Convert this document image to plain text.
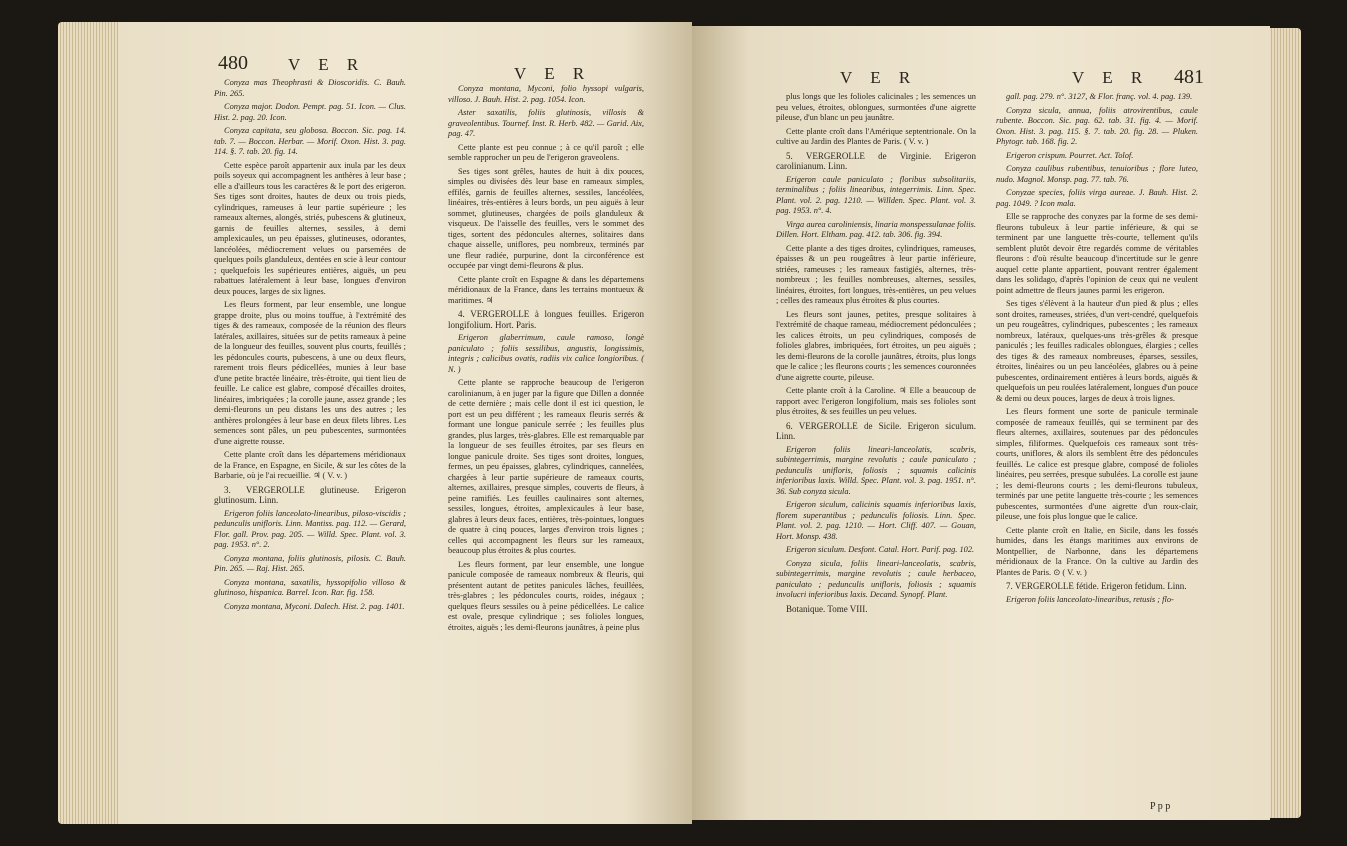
480 V E R	V E R

Conyza mas Theophrasti & Dioscoridis. C. Bauh. Pin. 265.

Conyza major. Dodon. Pempt. pag. 51. Icon. — Clus. Hist. 2. pag. 20. Icon.

Conyza capitata, seu globosa. Boccon. Sic. pag. 14. tab. 7. — Boccon. Herbar. — Morif. Oxon. Hist. 3. pag. 114. §. 7. tab. 20. fig. 14.

Cette espèce paroît appartenir aux inula par les deux poils soyeux qui accompagnent les anthères à leur base ; elle a d'ailleurs tous les caractères & le port des erigeron. Ses tiges sont droites, hautes de deux ou trois pieds, cylindriques, rameuses à leur partie supérieure ; les rameaux alternes, alongés, striés, pubescens & glutineux, garnis de feuilles alternes, sessiles, à demi amplexicaules, un peu épaisses, glutineuses, odorantes, lancéolées, médiocrement velues ou parsemées de quelques poils glanduleux, dentées en scie à leur contour ; quelquefois les supérieures entières, aiguës, un peu rabattues latéralement à leur base, longues d'environ deux pouces, larges de six lignes.

Les fleurs forment, par leur ensemble, une longue grappe droite, plus ou moins touffue, à l'extrémité des tiges & des rameaux, composée de la réunion des fleurs latérales, axillaires, situées sur de petits rameaux à peine de la longueur des feuilles, souvent plus courts, feuillés ; les pédoncules courts, pubescens, à une ou deux fleurs, rarement trois fleurs pédicellées, munies à leur base d'une petite bractée linéaire, très-étroite, qui tient lieu de feuille. Le calice est glabre, composé d'écailles droites, linéaires, imbriquées ; la corolle jaune, assez grande ; les demi-fleurons un peu distans les uns des autres ; les anthères prolongées à leur base en deux filets libres. Les semences sont pâles, un peu pubescentes, surmontées d'une aigrette roussе.

Cette plante croît dans les départemens méridionaux de la France, en Espagne, en Sicile, & sur les côtes de la Barbarie, où je l'ai recueillie. ♃ ( V. v. )

3. VERGEROLLE glutineuse. Erigeron glutinosum. Linn.

Erigeron foliis lanceolato-linearibus, piloso-viscidis ; pedunculis unifloris. Linn. Mantiss. pag. 112. — Gerard, Flor. gall. Prov. pag. 205. — Willd. Spec. Plant. vol. 3. pag. 1953. n°. 2.

Conyza montana, foliis glutinosis, pilosis. C. Bauh. Pin. 265. — Raj. Hist. 265.

Conyza montana, saxatilis, hyssopifolio villoso & glutinoso, hispanica. Barrel. Icon. Rar. fig. 158.

Conyza montana, Myconi. Dalech. Hist. 2. pag. 1401.

Conyza montana, Myconi, folio hyssopi vulgaris, villoso. J. Bauh. Hist. 2. pag. 1054. Icon.

Aster saxatilis, foliis glutinosis, villosis & graveolentibus. Tournef. Inst. R. Herb. 482. — Garid. Aix, pag. 47.

Cette plante est peu connue ; à ce qu'il paroît ; elle semble rapprocher un peu de l'erigeron graveolens.

Ses tiges sont grêles, hautes de huit à dix pouces, simples ou divisées dès leur base en rameaux simples, effilés, garnis de feuilles alternes, sessiles, lancéolées, linéaires, très-entières à leurs bords, un peu aiguës à leur sommet, glutineuses, chargées de poils glanduleux & visqueux. De l'aisselle des feuilles, vers le sommet des tiges, sortent des pédoncules alternes, solitaires dans chaque aisselle, uniflores, peu nombreux, terminés par une fleur radiée, purpurine, dont la circonférence est occupée par vingt demi-fleurons & plus.

Cette plante croît en Espagne & dans les départemens méridionaux de la France, dans les terrains montueux & maritimes. ♃

4. VERGEROLLE à longues feuilles. Erigeron longifolium. Hort. Paris.

Erigeron glaberrimum, caule ramoso, longè paniculato ; foliis sessilibus, angustis, longissimis, integris ; calicibus ovatis, radiis vix calice longioribus. ( N. )

Cette plante se rapproche beaucoup de l'erigeron carolinianum, à en juger par la figure que Dillen a donnée de cette dernière ; mais celle dont il est ici question, le port est un peu différent ; les rameaux fleuris serrés & formant une longue panicule serrée ; les feuilles plus grandes, plus larges, très-glabres. Elle est remarquable par la longueur de ses feuilles étroites, par ses fleurs en longue panicule droite. Ses tiges sont droites, longues, fermes, un peu épaisses, glabres, cylindriques, cannelées, chargées à leur partie supérieure de rameaux courts, alternes, axillaires, presque simples, couverts de fleurs, à peine ramifiés. Les feuilles caulinaires sont alternes, sessiles, longues, étroites, amplexicaules à leur base, glabres à leurs deux faces, entières, très-pointues, longues de quatre à cinq pouces, larges d'environ trois lignes ; celles qui accompagnent les fleurs sur les rameaux, beaucoup plus étroites & plus courtes.

Les fleurs forment, par leur ensemble, une longue panicule composée de rameaux nombreux & fleuris, qui présentent autant de petites panicules lâches, feuillées, très-glabres ; les pédoncules courts, roides, inégaux ; quelques fleurs sessiles ou à peine pédicellées. Le calice est ovale, presque cylindrique ; ses folioles longues, étroites, aiguës ; les demi-fleurons jaunâtres, à peine plus

V E R	V E R 481

plus longs que les folioles calicinales ; les semences un peu velues, étroites, oblongues, surmontées d'une aigrette pileuse, d'un blanc un peu jaunâtre.

Cette plante croît dans l'Amérique septentrionale. On la cultive au Jardin des Plantes de Paris. ( V. v. )

5. VERGEROLLE de Virginie. Erigeron carolinianum. Linn.

Erigeron caule paniculato ; floribus subsolitariis, terminalibus ; foliis linearibus, integerrimis. Linn. Spec. Plant. vol. 2. pag. 1210. — Willden. Spec. Plant. vol. 3. pag. 1953. n°. 4.

Virga aurea caroliniensis, linaria monspessulanae foliis. Dillen. Hort. Eltham. pag. 412. tab. 306. fig. 394.

Cette plante a des tiges droites, cylindriques, rameuses, épaisses & un peu rougeâtres à leur partie inférieure, striées, rameuses ; les rameaux fastigiés, alternes, très-nombreux ; les feuilles nombreuses, alternes, sessiles, linéaires, étroites, fort longues, très-entières, un peu velues ; celles des rameaux plus étroites & plus courtes.

Les fleurs sont jaunes, petites, presque solitaires à l'extrémité de chaque rameau, médiocrement pédonculées ; les calices étroits, un peu cylindriques, composés de folioles glabres, imbriquées, fort étroites, un peu aiguës ; les demi-fleurons de la corolle jaunâtres, étroits, plus longs que le calice ; les fleurons courts ; les semences couronnées d'une aigrette courte, pileuse.

Cette plante croît à la Caroline. ♃ Elle a beaucoup de rapport avec l'erigeron longifolium, mais ses folioles sont plus étroites, & ses feuilles un peu velues.

6. VERGEROLLE de Sicile. Erigeron siculum. Linn.

Erigeron foliis lineari-lanceolatis, scabris, subintegerrimis, margine revolutis ; caule paniculato ; pedunculis unifloris, foliosis ; squamis calicinis inferioribus laxis. Willd. Spec. Plant. vol. 3. pag. 1951. n°. 36. Sub conyza sicula.

Erigeron siculum, calicinis squamis inferioribus laxis, florem superantibus ; pedunculis foliosis. Linn. Spec. Plant. vol. 2. pag. 1210. — Hort. Cliff. 407. — Gouan, Hort. Monsp. 438.

Erigeron siculum. Desfont. Catal. Hort. Parif. pag. 102.

Conyza sicula, foliis lineari-lanceolatis, scabris, subintegerrimis, margine revolutis ; caule herbaceo, paniculato ; pedunculis unifloris, foliosis ; squamis involucri inferioribus laxis. Decand. Synopf. Plant.

Botanique. Tome VIII.

gall. pag. 279. n°. 3127, & Flor. franç. vol. 4. pag. 139.

Conyza sicula, annua, foliis atrovirentibus, caule rubente. Boccon. Sic. pag. 62. tab. 31. fig. 4. — Morif. Oxon. Hist. 3. pag. 115. §. 7. tab. 20. fig. 28. — Pluken. Phytogr. tab. 168. fig. 2.

Erigeron crispum. Pourret. Act. Tolof.

Conyza caulibus rubentibus, tenuioribus ; flore luteo, nudo. Magnol. Monsp. pag. 77. tab. 76.

Conyzae species, foliis virga aureae. J. Bauh. Hist. 2. pag. 1049. ? Icon mala.

Elle se rapproche des conyzes par la forme de ses demi-fleurons tubuleux à leur partie inférieure, & qui se terminent par une languette très-courte, tellement qu'ils semblent plutôt devoir être regardés comme de véritables fleurons : d'où résulte beaucoup d'incertitude sur le genre auquel cette plante appartient, pouvant rentrer également dans les solidago, d'après l'opinion de ceux qui ne veulent point admettre de fleurs jaunes parmi les erigeron.

Ses tiges s'élèvent à la hauteur d'un pied & plus ; elles sont droites, rameuses, striées, d'un vert-cendré, quelquefois un peu rougeâtres, cylindriques, pubescentes ; les rameaux nombreux, latéraux, quelques-uns très-grêles & presque paniculés ; les feuilles radicales oblongues, élargies ; celles des tiges & des rameaux nombreuses, éparses, sessiles, étroites, linéaires ou un peu lancéolées, glabres ou à peine pubescentes, ordinairement entières à leurs bords, aiguës & quelquefois un peu roulées latéralement, longues d'un pouce & demi ou deux pouces, larges de deux à trois lignes.

Les fleurs forment une sorte de panicule terminale composée de rameaux feuillés, qui se terminent par des fleurs alternes, axillaires, soutenues par des pédoncules simples, filiformes. Quelquefois ces rameaux sont très-courts, uniflores, & alors ils semblent être des pédoncules feuillés. Le calice est presque glabre, composé de folioles linéaires, peu serrées, presque subulées. La corolle est jaune ; les demi-fleurons courts ; les demi-fleurons tubuleux, terminés par une petite languette très-courte ; les semences pubescentes, surmontées d'une aigrette d'un roux-clair, pileuse, une fois plus longue que le calice.

Cette plante croît en Italie, en Sicile, dans les fossés humides, dans les étangs maritimes aux environs de Montpellier, de Narbonne, dans les départemens méridionaux de la France. On la cultive au Jardin des Plantes de Paris. ⊙ ( V. v. )

7. VERGEROLLE fétide. Erigeron fetidum. Linn.

Erigeron foliis lanceolato-linearibus, retusis ; flo-

P p p
